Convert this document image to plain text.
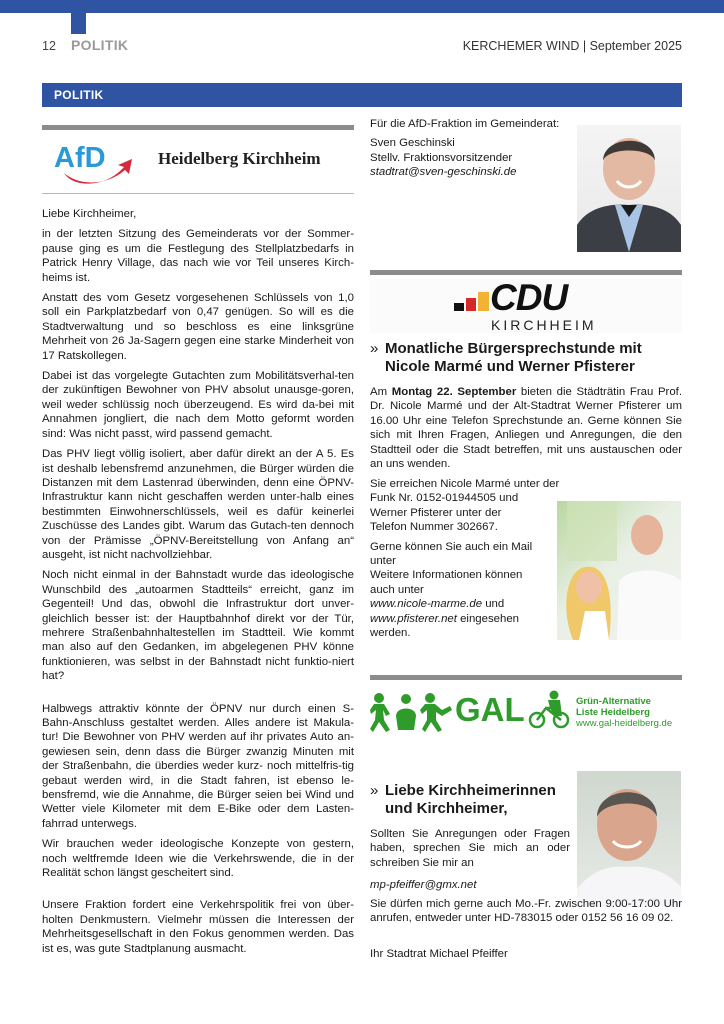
12 POLITIK	KERCHEMER WIND | September 2025
POLITIK
AfD	Heidelberg Kirchheim

Liebe Kirchheimer,

in der letzten Sitzung des Gemeinderats vor der Sommer-pause ging es um die Festlegung des Stellplatzbedarfs in Patrick Henry Village, das nach wie vor Teil unseres Kirch-heims ist.

Anstatt des vom Gesetz vorgesehenen Schlüssels von 1,0 soll ein Parkplatzbedarf von 0,47 genügen. So will es die Stadtverwaltung und so beschloss es eine linksgrüne Mehrheit von 26 Ja-Sagern gegen eine starke Minderheit von 17 Ratskollegen.

Dabei ist das vorgelegte Gutachten zum Mobilitätsverhal-ten der zukünftigen Bewohner von PHV absolut unausge-goren, weil weder schlüssig noch überzeugend. Es wird da-bei mit Annahmen jongliert, die nach dem Motto geformt worden sind: Was nicht passt, wird passend gemacht.

Das PHV liegt völlig isoliert, aber dafür direkt an der A 5. Es ist deshalb lebensfremd anzunehmen, die Bürger würden die Distanzen mit dem Lastenrad überwinden, denn eine ÖPNV-Infrastruktur kann nicht geschaffen werden unter-halb eines bestimmten Einwohnerschlüssels, weil es dafür keinerlei Zuschüsse des Landes gibt. Warum das Gutach-ten dennoch von der Prämisse „ÖPNV-Bereitstellung von Anfang an“ ausgeht, ist nicht nachvollziehbar.

Noch nicht einmal in der Bahnstadt wurde das ideologische Wunschbild des „autoarmen Stadtteils“ erreicht, ganz im Gegenteil! Und das, obwohl die Infrastruktur dort unver-gleichlich besser ist: der Hauptbahnhof direkt vor der Tür, mehrere Straßenbahnhaltestellen im Stadtteil. Wie kommt man also auf den Gedanken, im abgelegenen PHV könne funktionieren, was selbst in der Bahnstadt nicht funktio-niert hat?

Halbwegs attraktiv könnte der ÖPNV nur durch einen S-Bahn-Anschluss gestaltet werden. Alles andere ist Makula-tur! Die Bewohner von PHV werden auf ihr privates Auto an-gewiesen sein, denn dass die Bürger zwanzig Minuten mit der Straßenbahn, die überdies weder kurz- noch mittelfris-tig gebaut werden wird, in die Stadt fahren, ist ebenso le-bensfremd, wie die Annahme, die Bürger seien bei Wind und Wetter viele Kilometer mit dem E-Bike oder dem Lasten-fahrrad unterwegs.

Wir brauchen weder ideologische Konzepte von gestern, noch weltfremde Ideen wie die Verkehrswende, die in der Realität schon längst gescheitert sind.

Unsere Fraktion fordert eine Verkehrspolitik frei von über-holten Denkmustern. Vielmehr müssen die Interessen der Mehrheitsgesellschaft in den Fokus genommen werden. Das ist es, was gute Stadtplanung ausmacht.

Für die AfD-Fraktion im Gemeinderat:
Sven Geschinski
Stellv. Fraktionsvorsitzender
stadtrat@sven-geschinski.de
CDU
KIRCHHEIM
» Monatliche Bürgersprechstunde mit Nicole Marmé und Werner Pfisterer
Am Montag 22. September bieten die Städträtin Frau Prof. Dr. Nicole Marmé und der Alt-Stadtrat Werner Pfisterer um 16.00 Uhr eine Telefon Sprechstunde an. Gerne können Sie sich mit Ihren Fragen, Anliegen und Anregungen, die den Stadtteil oder die Stadt betreffen, mit uns austauschen oder an uns wenden.

Sie erreichen Nicole Marmé unter der
Funk Nr. 0152-01944505 und
Werner Pfisterer unter der
Telefon Nummer 302667.

Gerne können Sie auch ein Mail
unter
Weitere Informationen können
auch unter
www.nicole-marme.de und
www.pfisterer.net eingesehen
werden.

GAL	Grün-Alternative
Liste Heidelberg
www.gal-heidelberg.de
» Liebe Kirchheimerinnen und Kirchheimer,

Sollten Sie Anregungen oder Fragen haben, sprechen Sie mich an oder schreiben Sie mir an

mp-pfeiffer@gmx.net

Sie dürfen mich gerne auch Mo.-Fr. zwischen 9:00-17:00 Uhr anrufen, entweder unter HD-783015 oder 0152 56 16 09 02.

Ihr Stadtrat Michael Pfeiffer
